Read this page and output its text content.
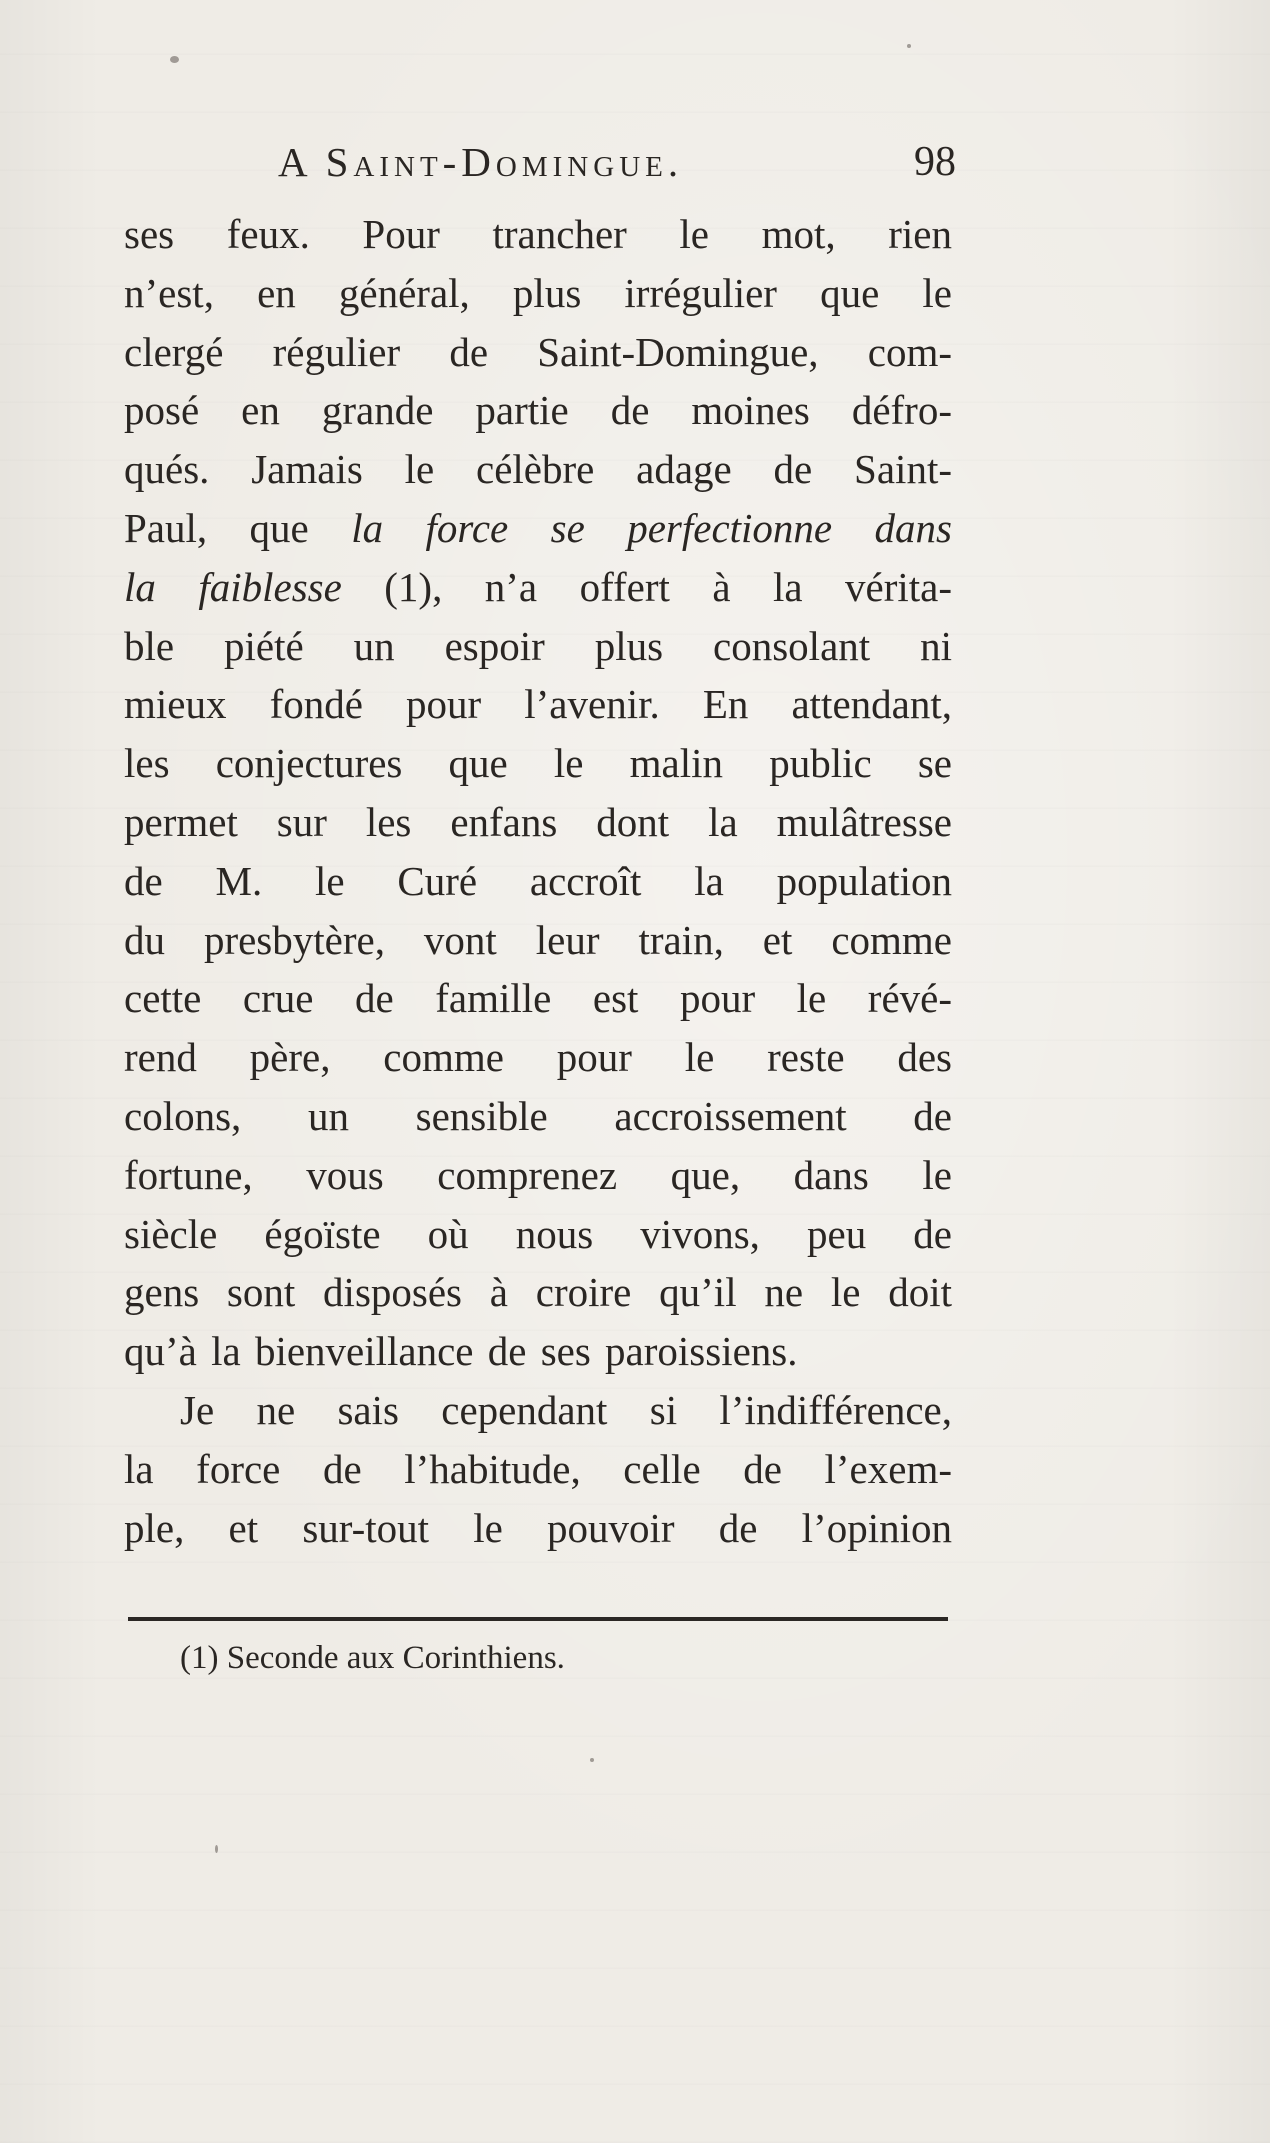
A Saint-Domingue.	98
ses feux. Pour trancher le mot, rien
n’est, en général, plus irrégulier que le
clergé régulier de Saint-Domingue, com-
posé en grande partie de moines défro-
qués. Jamais le célèbre adage de Saint-
Paul, que la force se perfectionne dans
la faiblesse (1), n’a offert à la vérita-
ble piété un espoir plus consolant ni
mieux fondé pour l’avenir. En attendant,
les conjectures que le malin public se
permet sur les enfans dont la mulâtresse
de M. le Curé accroît la population
du presbytère, vont leur train, et comme
cette crue de famille est pour le révé-
rend père, comme pour le reste des
colons, un sensible accroissement de
fortune, vous comprenez que, dans le
siècle égoïste où nous vivons, peu de
gens sont disposés à croire qu’il ne le doit
qu’à la bienveillance de ses paroissiens.
Je ne sais cependant si l’indifférence,
la force de l’habitude, celle de l’exem-
ple, et sur-tout le pouvoir de l’opinion
(1) Seconde aux Corinthiens.
